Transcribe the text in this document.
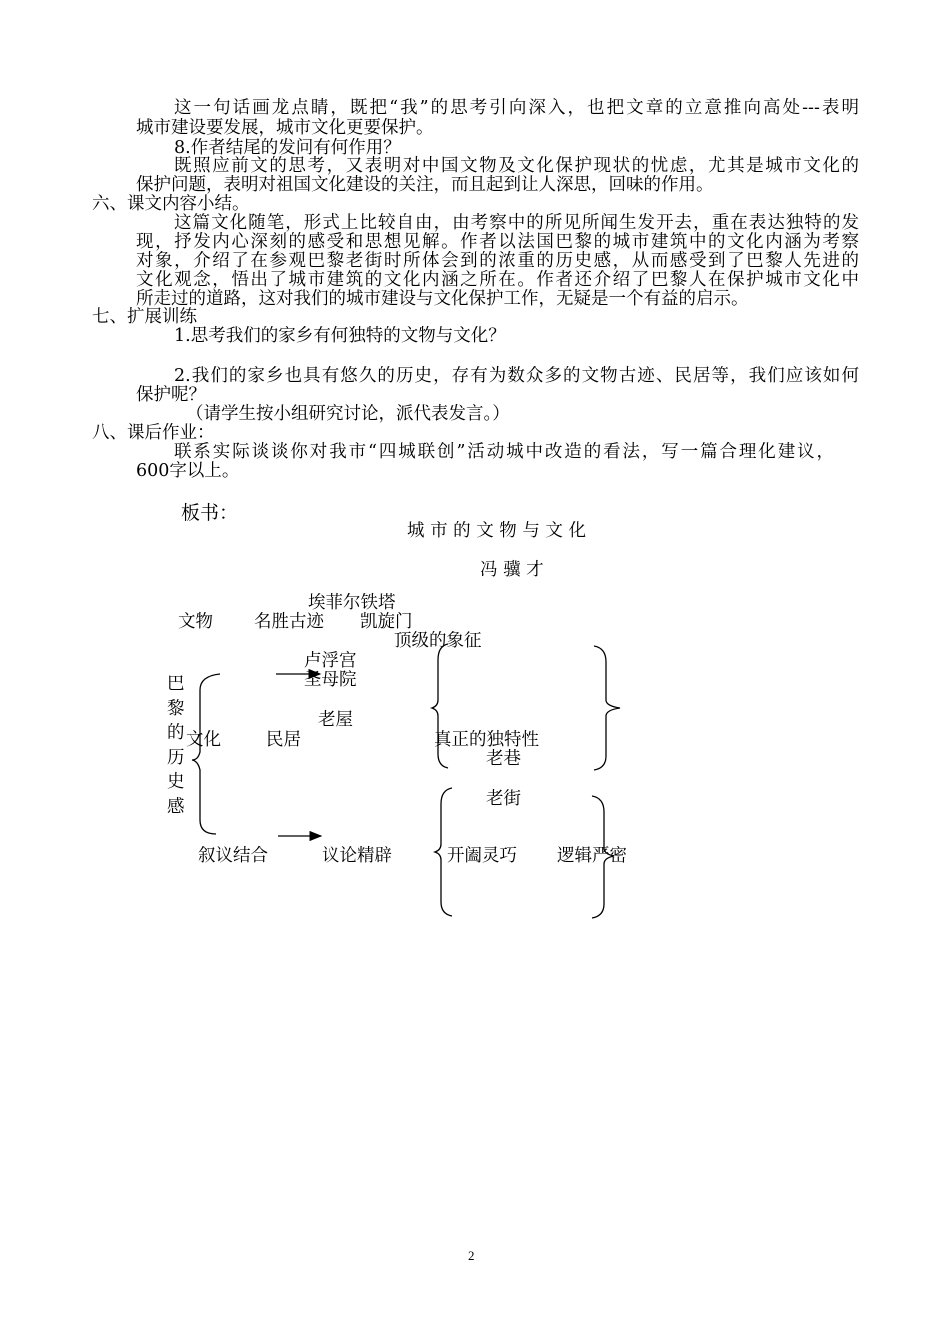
这一句话画龙点睛，既把“我”的思考引向深入，也把文章的立意推向高处---表明
城市建设要发展，城市文化更要保护。
8.作者结尾的发问有何作用？
既照应前文的思考，又表明对中国文物及文化保护现状的忧虑，尤其是城市文化的
保护问题，表明对祖国文化建设的关注，而且起到让人深思，回味的作用。
六、课文内容小结。
这篇文化随笔，形式上比较自由，由考察中的所见所闻生发开去，重在表达独特的发
现，抒发内心深刻的感受和思想见解。作者以法国巴黎的城市建筑中的文化内涵为考察
对象，介绍了在参观巴黎老街时所体会到的浓重的历史感，从而感受到了巴黎人先进的
文化观念，悟出了城市建筑的文化内涵之所在。作者还介绍了巴黎人在保护城市文化中
所走过的道路，这对我们的城市建设与文化保护工作，无疑是一个有益的启示。
七、扩展训练
1.思考我们的家乡有何独特的文物与文化？
2.我们的家乡也具有悠久的历史，存有为数众多的文物古迹、民居等，我们应该如何
保护呢？
（请学生按小组研究讨论，派代表发言。）
八、课后作业：
联系实际谈谈你对我市“四城联创”活动城中改造的看法，写一篇合理化建议，
600字以上。
板书：
城 市 的 文 物 与 文 化
冯 骥 才
埃菲尔铁塔
文物 名胜古迹 凯旋门
顶级的象征
卢浮宫
圣母院
巴黎的历史感
老屋
文化	民居	真正的独特性
老巷
老街
叙议结合	议论精辟	开阖灵巧 逻辑严密
2
